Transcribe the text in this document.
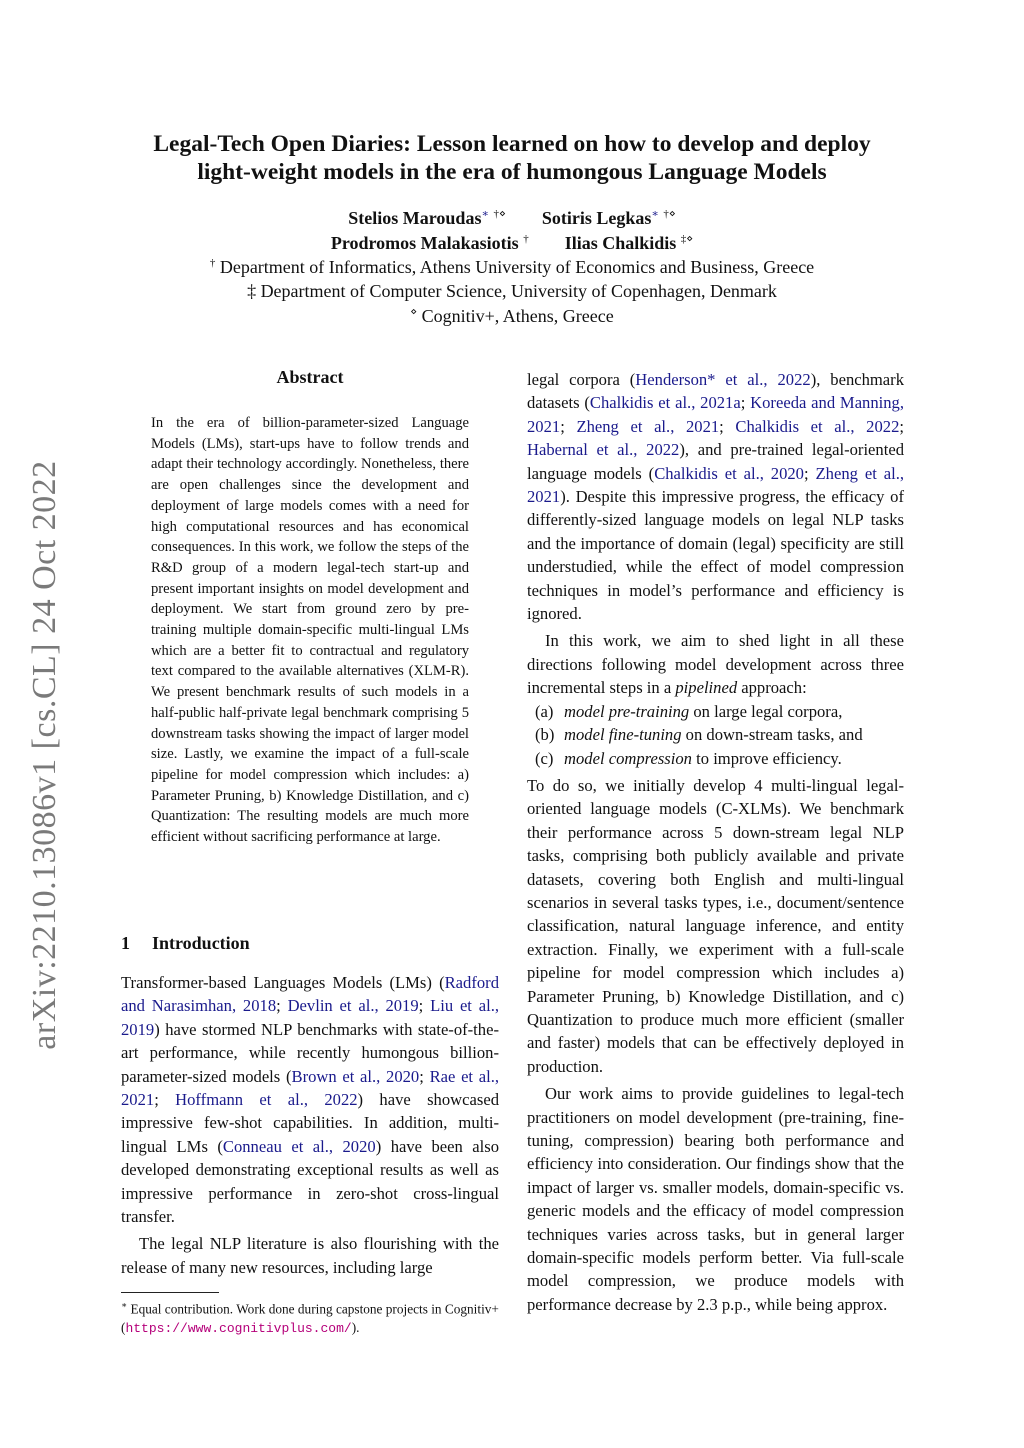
arXiv:2210.13086v1 [cs.CL] 24 Oct 2022
Legal-Tech Open Diaries: Lesson learned on how to develop and deploy
light-weight models in the era of humongous Language Models
Stelios Maroudas∗ †⋄ Sotiris Legkas∗ †⋄
Prodromos Malakasiotis † Ilias Chalkidis ‡⋄
† Department of Informatics, Athens University of Economics and Business, Greece
‡ Department of Computer Science, University of Copenhagen, Denmark
⋄ Cognitiv+, Athens, Greece
Abstract
In the era of billion-parameter-sized Language Models (LMs), start-ups have to follow trends and adapt their technology accordingly. Nonetheless, there are open challenges since the development and deployment of large models comes with a need for high computational resources and has economical consequences. In this work, we follow the steps of the R&D group of a modern legal-tech start-up and present important insights on model development and deployment. We start from ground zero by pre-training multiple domain-specific multi-lingual LMs which are a better fit to contractual and regulatory text compared to the available alternatives (XLM-R). We present benchmark results of such models in a half-public half-private legal benchmark comprising 5 downstream tasks showing the impact of larger model size. Lastly, we examine the impact of a full-scale pipeline for model compression which includes: a) Parameter Pruning, b) Knowledge Distillation, and c) Quantization: The resulting models are much more efficient without sacrificing performance at large.
1 Introduction

Transformer-based Languages Models (LMs) (Radford and Narasimhan, 2018; Devlin et al., 2019; Liu et al., 2019) have stormed NLP benchmarks with state-of-the-art performance, while recently humongous billion-parameter-sized models (Brown et al., 2020; Rae et al., 2021; Hoffmann et al., 2022) have showcased impressive few-shot capabilities. In addition, multi-lingual LMs (Conneau et al., 2020) have been also developed demonstrating exceptional results as well as impressive performance in zero-shot cross-lingual transfer.

The legal NLP literature is also flourishing with the release of many new resources, including large

legal corpora (Henderson* et al., 2022), benchmark datasets (Chalkidis et al., 2021a; Koreeda and Manning, 2021; Zheng et al., 2021; Chalkidis et al., 2022; Habernal et al., 2022), and pre-trained legal-oriented language models (Chalkidis et al., 2020; Zheng et al., 2021). Despite this impressive progress, the efficacy of differently-sized language models on legal NLP tasks and the importance of domain (legal) specificity are still understudied, while the effect of model compression techniques in model’s performance and efficiency is ignored.

In this work, we aim to shed light in all these directions following model development across three incremental steps in a pipelined approach:

(a) model pre-training on large legal corpora,
(b) model fine-tuning on down-stream tasks, and
(c) model compression to improve efficiency.

To do so, we initially develop 4 multi-lingual legal-oriented language models (C-XLMs). We benchmark their performance across 5 down-stream legal NLP tasks, comprising both publicly available and private datasets, covering both English and multi-lingual scenarios in several tasks types, i.e., document/sentence classification, natural language inference, and entity extraction. Finally, we experiment with a full-scale pipeline for model compression which includes a) Parameter Pruning, b) Knowledge Distillation, and c) Quantization to produce much more efficient (smaller and faster) models that can be effectively deployed in production.

Our work aims to provide guidelines to legal-tech practitioners on model development (pre-training, fine-tuning, compression) bearing both performance and efficiency into consideration. Our findings show that the impact of larger vs. smaller models, domain-specific vs. generic models and the efficacy of model compression techniques varies across tasks, but in general larger domain-specific models perform better. Via full-scale model compression, we produce models with performance decrease by 2.3 p.p., while being approx.

∗ Equal contribution. Work done during capstone projects in Cognitiv+ (https://www.cognitivplus.com/).
